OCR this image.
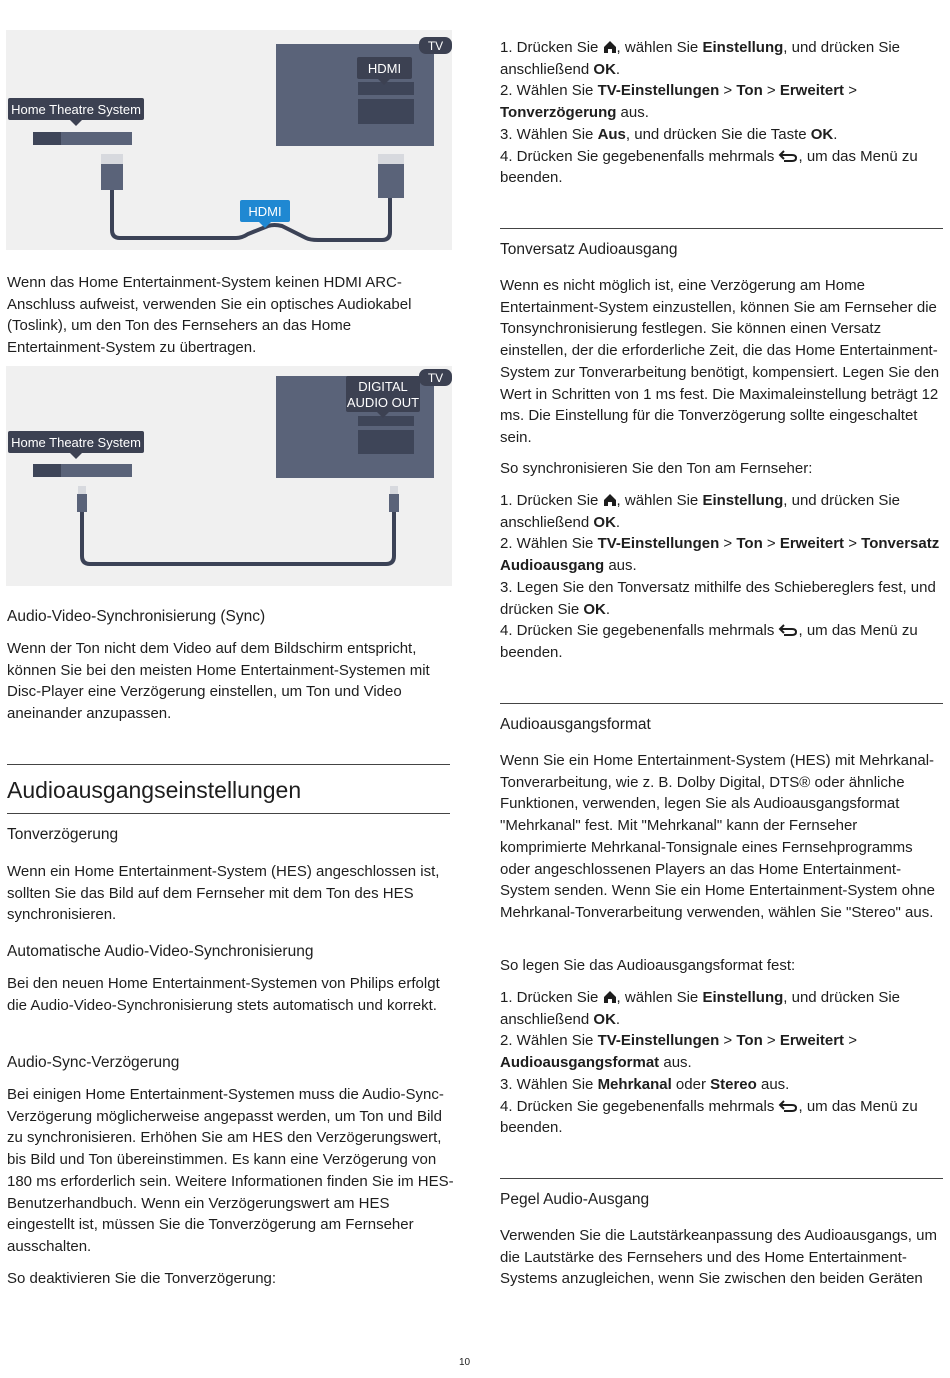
HDMI
TV
Home Theatre System
HDMI

Wenn das Home Entertainment-System keinen HDMI ARC-Anschluss aufweist, verwenden Sie ein optisches Audiokabel (Toslink), um den Ton des Fernsehers an das Home Entertainment-System zu übertragen.

DIGITAL
AUDIO OUT
TV
Home Theatre System

Audio-Video-Synchronisierung (Sync)

Wenn der Ton nicht dem Video auf dem Bildschirm entspricht, können Sie bei den meisten Home Entertainment-Systemen mit Disc-Player eine Verzögerung einstellen, um Ton und Video aneinander anzupassen.

Audioausgangseinstellungen

Tonverzögerung

Wenn ein Home Entertainment-System (HES) angeschlossen ist, sollten Sie das Bild auf dem Fernseher mit dem Ton des HES synchronisieren.

Automatische Audio-Video-Synchronisierung

Bei den neuen Home Entertainment-Systemen von Philips erfolgt die Audio-Video-Synchronisierung stets automatisch und korrekt.

Audio-Sync-Verzögerung

Bei einigen Home Entertainment-Systemen muss die Audio-Sync-Verzögerung möglicherweise angepasst werden, um Ton und Bild zu synchronisieren. Erhöhen Sie am HES den Verzögerungswert, bis Bild und Ton übereinstimmen. Es kann eine Verzögerung von 180 ms erforderlich sein. Weitere Informationen finden Sie im HES-Benutzerhandbuch. Wenn ein Verzögerungswert am HES eingestellt ist, müssen Sie die Tonverzögerung am Fernseher ausschalten.

So deaktivieren Sie die Tonverzögerung:

1. Drücken Sie , wählen Sie Einstellung, und drücken Sie anschließend OK.

2. Wählen Sie TV-Einstellungen > Ton > Erweitert > Tonverzögerung aus.

3. Wählen Sie Aus, und drücken Sie die Taste OK.

4. Drücken Sie gegebenenfalls mehrmals , um das Menü zu beenden.

Tonversatz Audioausgang

Wenn es nicht möglich ist, eine Verzögerung am Home Entertainment-System einzustellen, können Sie am Fernseher die Tonsynchronisierung festlegen. Sie können einen Versatz einstellen, der die erforderliche Zeit, die das Home Entertainment-System zur Tonverarbeitung benötigt, kompensiert. Legen Sie den Wert in Schritten von 1 ms fest. Die Maximaleinstellung beträgt 12 ms. Die Einstellung für die Tonverzögerung sollte eingeschaltet sein.

So synchronisieren Sie den Ton am Fernseher:

1. Drücken Sie , wählen Sie Einstellung, und drücken Sie anschließend OK.

2. Wählen Sie TV-Einstellungen > Ton > Erweitert > Tonversatz Audioausgang aus.

3. Legen Sie den Tonversatz mithilfe des Schiebereglers fest, und drücken Sie OK.

4. Drücken Sie gegebenenfalls mehrmals , um das Menü zu beenden.

Audioausgangsformat

Wenn Sie ein Home Entertainment-System (HES) mit Mehrkanal-Tonverarbeitung, wie z. B. Dolby Digital, DTS® oder ähnliche Funktionen, verwenden, legen Sie als Audioausgangsformat "Mehrkanal" fest. Mit "Mehrkanal" kann der Fernseher komprimierte Mehrkanal-Tonsignale eines Fernsehprogramms oder angeschlossenen Players an das Home Entertainment-System senden. Wenn Sie ein Home Entertainment-System ohne Mehrkanal-Tonverarbeitung verwenden, wählen Sie "Stereo" aus.

So legen Sie das Audioausgangsformat fest:

1. Drücken Sie , wählen Sie Einstellung, und drücken Sie anschließend OK.

2. Wählen Sie TV-Einstellungen > Ton > Erweitert > Audioausgangsformat aus.

3. Wählen Sie Mehrkanal oder Stereo aus.

4. Drücken Sie gegebenenfalls mehrmals , um das Menü zu beenden.

Pegel Audio-Ausgang

Verwenden Sie die Lautstärkeanpassung des Audioausgangs, um die Lautstärke des Fernsehers und des Home Entertainment-Systems anzugleichen, wenn Sie zwischen den beiden Geräten

10
